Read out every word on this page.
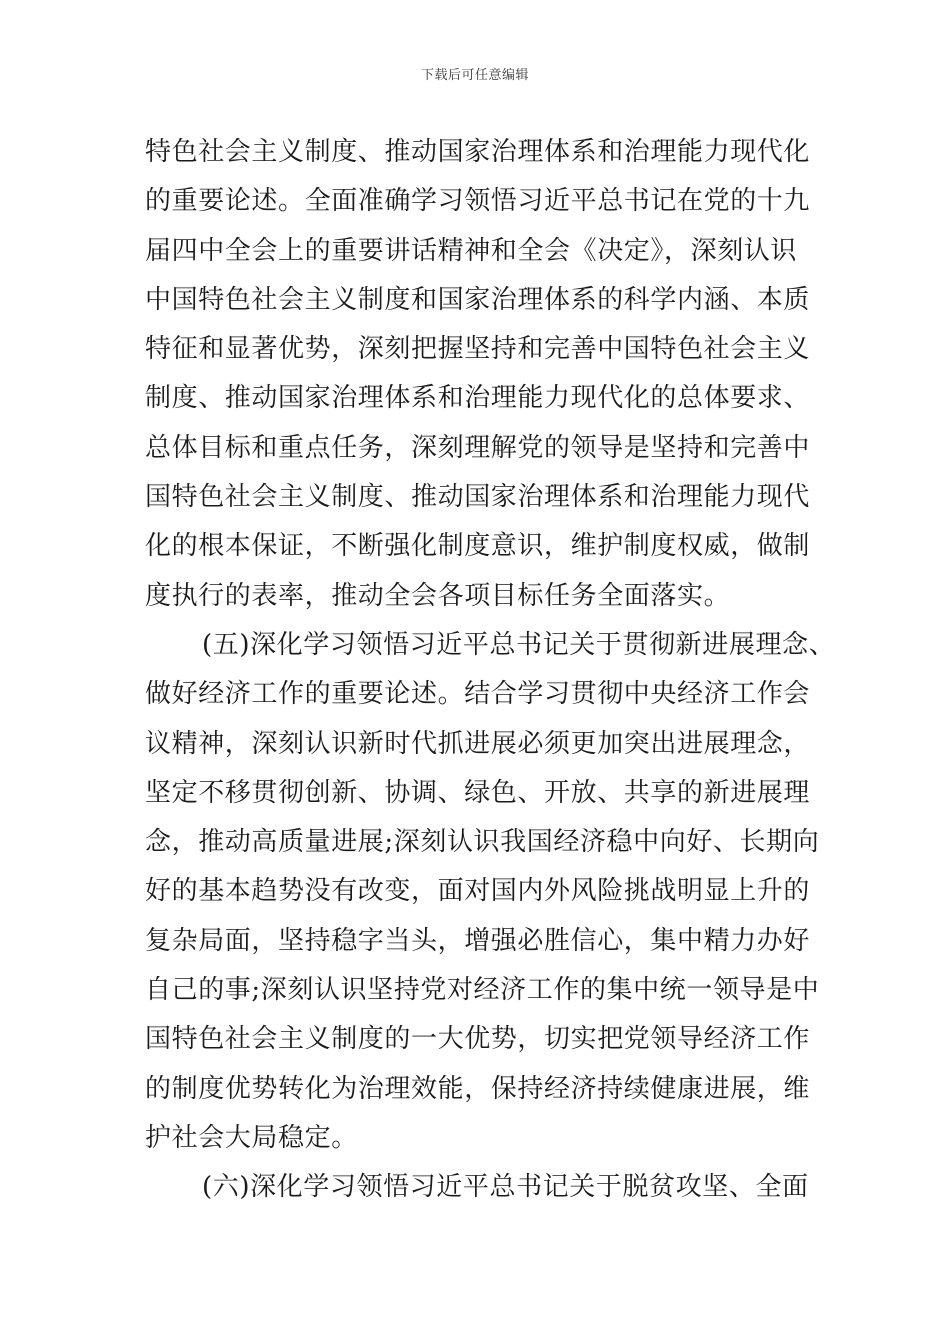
下载后可任意编辑
特色社会主义制度、推动国家治理体系和治理能力现代化
的重要论述。全面准确学习领悟习近平总书记在党的十九
届四中全会上的重要讲话精神和全会《决定》，深刻认识
中国特色社会主义制度和国家治理体系的科学内涵、本质
特征和显著优势，深刻把握坚持和完善中国特色社会主义
制度、推动国家治理体系和治理能力现代化的总体要求、
总体目标和重点任务，深刻理解党的领导是坚持和完善中
国特色社会主义制度、推动国家治理体系和治理能力现代
化的根本保证，不断强化制度意识，维护制度权威，做制
度执行的表率，推动全会各项目标任务全面落实。
(五)深化学习领悟习近平总书记关于贯彻新进展理念、
做好经济工作的重要论述。结合学习贯彻中央经济工作会
议精神，深刻认识新时代抓进展必须更加突出进展理念，
坚定不移贯彻创新、协调、绿色、开放、共享的新进展理
念，推动高质量进展;深刻认识我国经济稳中向好、长期向
好的基本趋势没有改变，面对国内外风险挑战明显上升的
复杂局面，坚持稳字当头，增强必胜信心，集中精力办好
自己的事;深刻认识坚持党对经济工作的集中统一领导是中
国特色社会主义制度的一大优势，切实把党领导经济工作
的制度优势转化为治理效能，保持经济持续健康进展，维
护社会大局稳定。
(六)深化学习领悟习近平总书记关于脱贫攻坚、全面
